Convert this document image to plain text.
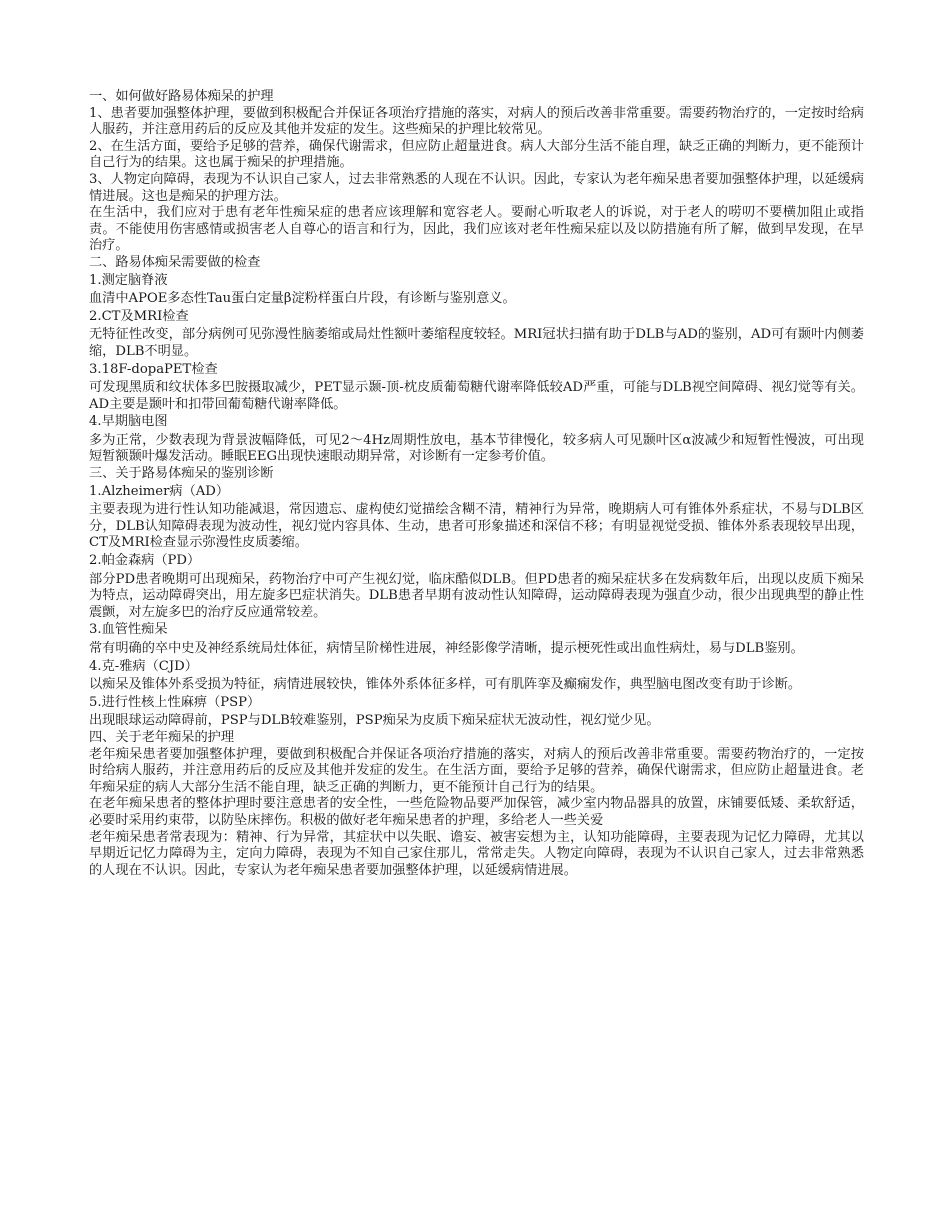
一、如何做好路易体痴呆的护理

1、患者要加强整体护理，要做到积极配合并保证各项治疗措施的落实，对病人的预后改善非常重要。需要药物治疗的，一定按时给病人服药，并注意用药后的反应及其他并发症的发生。这些痴呆的护理比较常见。

2、在生活方面，要给予足够的营养，确保代谢需求，但应防止超量进食。病人大部分生活不能自理，缺乏正确的判断力，更不能预计自己行为的结果。这也属于痴呆的护理措施。

3、人物定向障碍，表现为不认识自己家人，过去非常熟悉的人现在不认识。因此，专家认为老年痴呆患者要加强整体护理，以延缓病情进展。这也是痴呆的护理方法。

在生活中，我们应对于患有老年性痴呆症的患者应该理解和宽容老人。要耐心听取老人的诉说，对于老人的唠叨不要横加阻止或指责。不能使用伤害感情或损害老人自尊心的语言和行为，因此，我们应该对老年性痴呆症以及以防措施有所了解，做到早发现，在早治疗。

二、路易体痴呆需要做的检查

1.测定脑脊液

血清中APOE多态性Tau蛋白定量β淀粉样蛋白片段，有诊断与鉴别意义。

2.CT及MRI检查

无特征性改变，部分病例可见弥漫性脑萎缩或局灶性额叶萎缩程度较轻。MRI冠状扫描有助于DLB与AD的鉴别，AD可有颞叶内侧萎缩，DLB不明显。

3.18F-dopaPET检查

可发现黑质和纹状体多巴胺摄取减少，PET显示颞-顶-枕皮质葡萄糖代谢率降低较AD严重，可能与DLB视空间障碍、视幻觉等有关。AD主要是颞叶和扣带回葡萄糖代谢率降低。

4.早期脑电图

多为正常，少数表现为背景波幅降低，可见2～4Hz周期性放电，基本节律慢化，较多病人可见颞叶区α波减少和短暂性慢波，可出现短暂额颞叶爆发活动。睡眠EEG出现快速眼动期异常，对诊断有一定参考价值。

三、关于路易体痴呆的鉴别诊断

1.Alzheimer病（AD）

主要表现为进行性认知功能减退，常因遗忘、虚构使幻觉描绘含糊不清，精神行为异常，晚期病人可有锥体外系症状，不易与DLB区分，DLB认知障碍表现为波动性，视幻觉内容具体、生动，患者可形象描述和深信不移；有明显视觉受损、锥体外系表现较早出现，CT及MRI检查显示弥漫性皮质萎缩。

2.帕金森病（PD）

部分PD患者晚期可出现痴呆，药物治疗中可产生视幻觉，临床酷似DLB。但PD患者的痴呆症状多在发病数年后，出现以皮质下痴呆为特点，运动障碍突出，用左旋多巴症状消失。DLB患者早期有波动性认知障碍，运动障碍表现为强直少动，很少出现典型的静止性震颤，对左旋多巴的治疗反应通常较差。

3.血管性痴呆

常有明确的卒中史及神经系统局灶体征，病情呈阶梯性进展，神经影像学清晰，提示梗死性或出血性病灶，易与DLB鉴别。

4.克-雅病（CJD）

以痴呆及锥体外系受损为特征，病情进展较快，锥体外系体征多样，可有肌阵挛及癫痫发作，典型脑电图改变有助于诊断。

5.进行性核上性麻痹（PSP）

出现眼球运动障碍前，PSP与DLB较难鉴别，PSP痴呆为皮质下痴呆症状无波动性，视幻觉少见。

四、关于老年痴呆的护理

老年痴呆患者要加强整体护理，要做到积极配合并保证各项治疗措施的落实，对病人的预后改善非常重要。需要药物治疗的，一定按时给病人服药，并注意用药后的反应及其他并发症的发生。在生活方面，要给予足够的营养，确保代谢需求，但应防止超量进食。老年痴呆症的病人大部分生活不能自理，缺乏正确的判断力，更不能预计自己行为的结果。

在老年痴呆患者的整体护理时要注意患者的安全性，一些危险物品要严加保管，减少室内物品器具的放置，床铺要低矮、柔软舒适，必要时采用约束带，以防坠床摔伤。积极的做好老年痴呆患者的护理，多给老人一些关爱

老年痴呆患者常表现为：精神、行为异常，其症状中以失眠、谵妄、被害妄想为主，认知功能障碍，主要表现为记忆力障碍，尤其以早期近记忆力障碍为主，定向力障碍，表现为不知自己家住那儿，常常走失。人物定向障碍，表现为不认识自己家人，过去非常熟悉的人现在不认识。因此，专家认为老年痴呆患者要加强整体护理，以延缓病情进展。
